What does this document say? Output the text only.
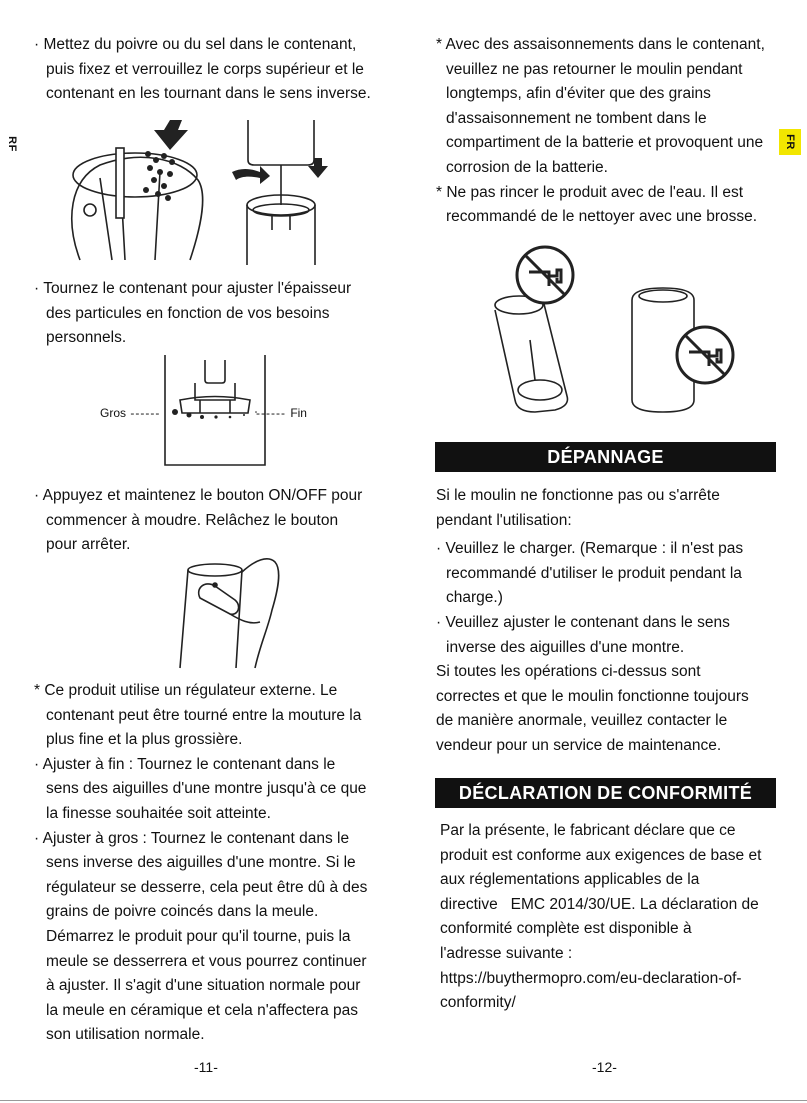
RF	FR
· Mettez du poivre ou du sel dans le contenant,
puis fixez et verrouillez le corps supérieur et le
contenant en les tournant dans le sens inverse.
· Tournez le contenant pour ajuster l'épaisseur
des particules en fonction de vos besoins
personnels.
Gros ------	------ Fin
· Appuyez et maintenez le bouton ON/OFF pour
commencer à moudre. Relâchez le bouton
pour arrêter.
* Ce produit utilise un régulateur externe. Le
contenant peut être tourné entre la mouture la
plus fine et la plus grossière.
· Ajuster à fin : Tournez le contenant dans le
sens des aiguilles d'une montre jusqu'à ce que
la finesse souhaitée soit atteinte.
· Ajuster à gros : Tournez le contenant dans le
sens inverse des aiguilles d'une montre. Si le
régulateur se desserre, cela peut être dû à des
grains de poivre coincés dans la meule.
Démarrez le produit pour qu'il tourne, puis la
meule se desserrera et vous pourrez continuer
à ajuster. Il s'agit d'une situation normale pour
la meule en céramique et cela n'affectera pas
son utilisation normale.
-11-
* Avec des assaisonnements dans le contenant,
veuillez ne pas retourner le moulin pendant
longtemps, afin d'éviter que des grains
d'assaisonnement ne tombent dans le
compartiment de la batterie et provoquent une
corrosion de la batterie.
* Ne pas rincer le produit avec de l'eau. Il est
recommandé de le nettoyer avec une brosse.
DÉPANNAGE
Si le moulin ne fonctionne pas ou s'arrête
pendant l'utilisation:
· Veuillez le charger. (Remarque : il n'est pas
recommandé d'utiliser le produit pendant la
charge.)
· Veuillez ajuster le contenant dans le sens
inverse des aiguilles d'une montre.
Si toutes les opérations ci-dessus sont
correctes et que le moulin fonctionne toujours
de manière anormale, veuillez contacter le
vendeur pour un service de maintenance.
DÉCLARATION DE CONFORMITÉ
Par la présente, le fabricant déclare que ce
produit est conforme aux exigences de base et
aux réglementations applicables de la
directive   EMC 2014/30/UE. La déclaration de
conformité complète est disponible à
l'adresse suivante :
https://buythermopro.com/eu-declaration-of-
conformity/
-12-
